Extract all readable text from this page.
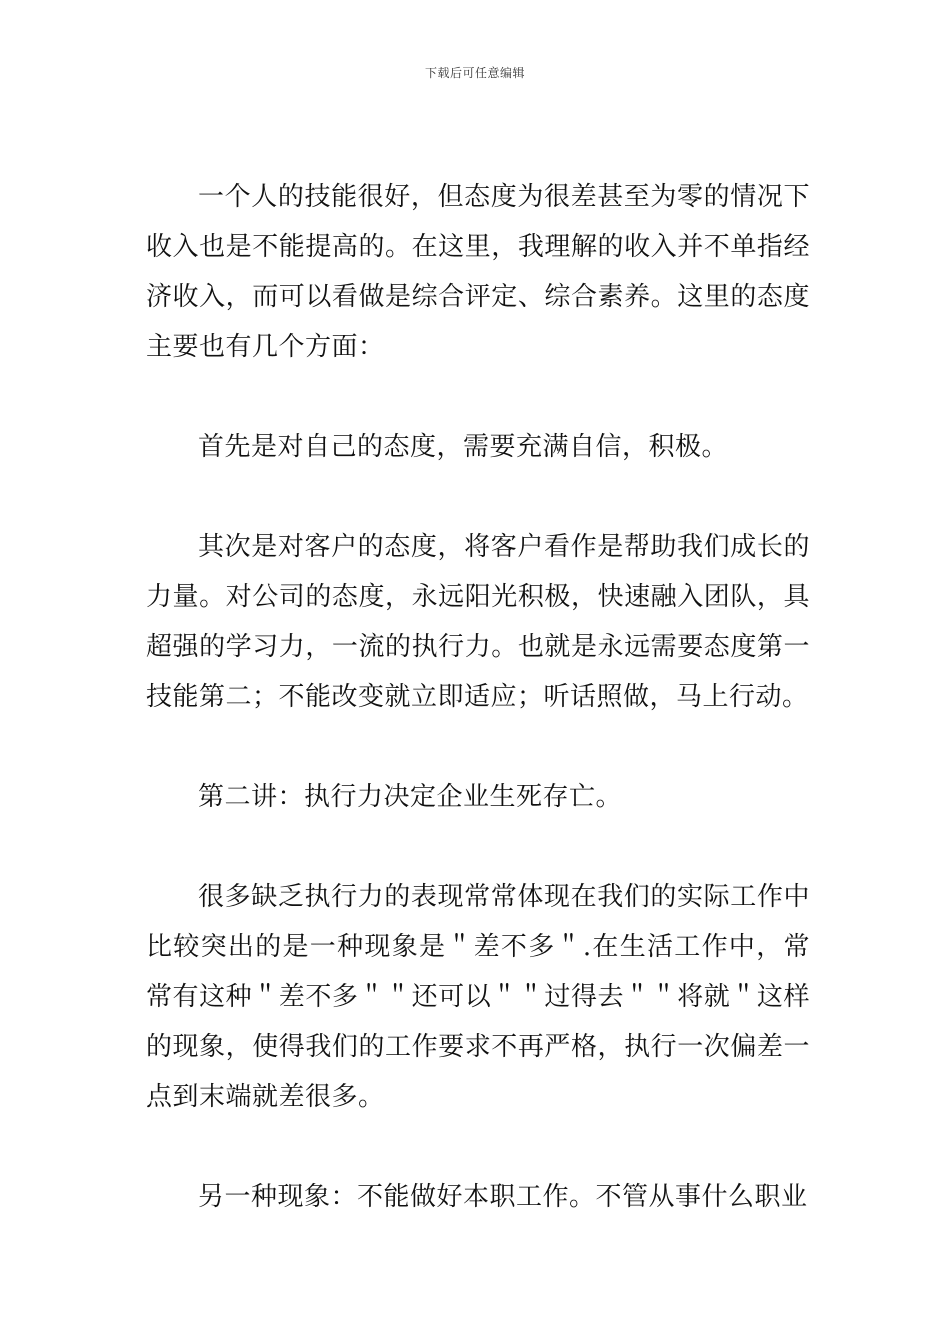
下载后可任意编辑

一个人的技能很好，但态度为很差甚至为零的情况下收入也是不能提高的。在这里，我理解的收入并不单指经济收入，而可以看做是综合评定、综合素养。这里的态度主要也有几个方面：

首先是对自己的态度，需要充满自信，积极。

其次是对客户的态度，将客户看作是帮助我们成长的力量。对公司的态度，永远阳光积极，快速融入团队，具超强的学习力，一流的执行力。也就是永远需要态度第一技能第二；不能改变就立即适应；听话照做，马上行动。

第二讲：执行力决定企业生死存亡。

很多缺乏执行力的表现常常体现在我们的实际工作中比较突出的是一种现象是＂差不多＂.在生活工作中，常常有这种＂差不多＂＂还可以＂＂过得去＂＂将就＂这样的现象，使得我们的工作要求不再严格，执行一次偏差一点到末端就差很多。

另一种现象：不能做好本职工作。不管从事什么职业
